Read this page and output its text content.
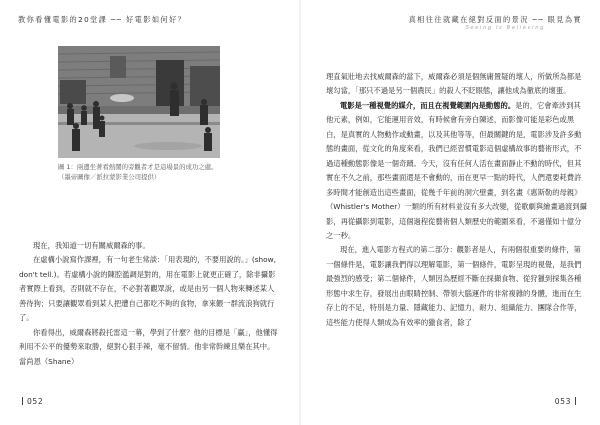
教你看懂電影的20堂課 ── 好電影如何好？
圖 1：兩邊坐著看熱鬧的旁觀者才是這場景的成功之處。（墨帝圖像／派拉蒙影業公司提供）

現在，我知道一切有關威爾森的事。

在虛構小說寫作課裡，有一句老生常談：「用表現的，不要用說的。」(show, don't tell.)。若虛構小說的陳腔濫調是對的，用在電影上就更正確了，除非攝影者實際上看到，否則就不存在，不必對著觀眾說，或是由另一個人物來轉述某人善待狗；只要讓觀眾看到某人把遭自己都吃不夠的食物，拿來餵一群流浪狗就行了。

你看得出，威爾森將殺托雷這一幕，學到了什麼？他的目標是「贏」，他懂得利用不公平的優勢來取勝，絕對心狠手辣，毫不留情。他非常幹練且樂在其中。當尚恩（Shane）

052
真相往往就藏在絕對反面的景況 ── 眼見為實
Seeing Is Believing

理直氣壯地去找威爾森的當下，威爾森必須是個無庸置疑的壞人，所做所為都是壞勾當，「那只不過是另一個農民」的殺人不眨眼態，讓他成為徹底的壞蛋。

電影是一種視覺的媒介，而且在視覺範圍內是動態的。是的，它會牽涉到其他元素，例如，它能運用音效，有時候會有旁白陳述，而影像可能是彩色或黑白，是真實的人物動作或動畫，以及其他等等，但最關鍵的是，電影涉及許多動態的畫面，從文化的角度來看，我們已經習慣電影這個虛構故事的藝術形式，不過這種動態影像是一個奇蹟。今天，沒有任何人活在畫面靜止不動的時代，但其實在不久之前，那些畫面還是不會動的，而在更早一點的時代，人們還要耗費許多時間才能創造出這些畫面，從幾千年前的洞穴壁畫，到名畫《惠斯勒的母親》（Whistler's Mother）一類的所有材料並沒有多大改變，從歌劇與繪畫過渡到攝影，再從攝影到電影，這個過程從藝術個人類歷史的範圍來看，不過僅如十億分之一秒。

現在，進入電影方程式的第二部分：觀影者是人，有兩個很重要的條件，第一個條件是，電影讓我們得以理解電影，第一個條件，電影呈現的視覺，是我們最強烈的感受；第二個條件，人類因為歷經不斷在採擷食物、從狩獵到採集各種形態中求生存，發展出由眼睛控制、帶領大腦運作的非常複雜的身體，進而在生存上的不足，特別是力量、隱藏能力、記憶力、耐力、組織能力、團隊合作等，這些能力使得人類成為有效率的獵食者，除了

053
